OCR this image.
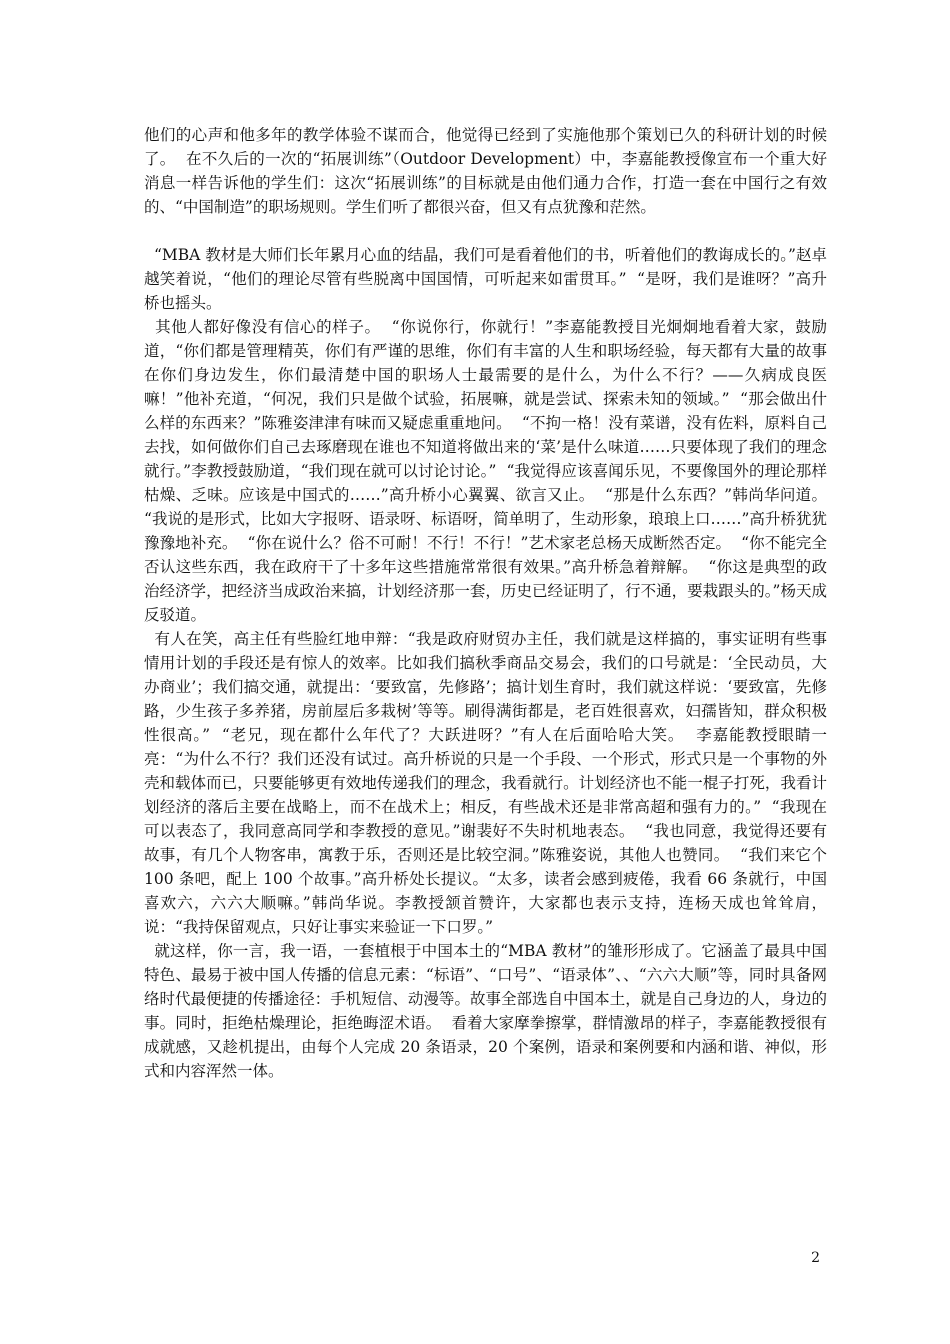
他们的心声和他多年的教学体验不谋而合，他觉得已经到了实施他那个策划已久的科研计划的时候了。  在不久后的一次的“拓展训练”（Outdoor Development）中，李嘉能教授像宣布一个重大好消息一样告诉他的学生们：这次“拓展训练”的目标就是由他们通力合作，打造一套在中国行之有效的、“中国制造”的职场规则。学生们听了都很兴奋，但又有点犹豫和茫然。

“MBA 教材是大师们长年累月心血的结晶，我们可是看着他们的书，听着他们的教诲成长的。”赵卓越笑着说，“他们的理论尽管有些脱离中国国情，可听起来如雷贯耳。”  “是呀，我们是谁呀？”高升桥也摇头。

其他人都好像没有信心的样子。  “你说你行，你就行！”李嘉能教授目光炯炯地看着大家，鼓励道，“你们都是管理精英，你们有严谨的思维，你们有丰富的人生和职场经验，每天都有大量的故事在你们身边发生，你们最清楚中国的职场人士最需要的是什么，为什么不行？——久病成良医嘛！”他补充道，“何况，我们只是做个试验，拓展嘛，就是尝试、探索未知的领域。”  “那会做出什么样的东西来？”陈雅姿津津有味而又疑虑重重地问。  “不拘一格！没有菜谱，没有佐料，原料自己去找，如何做你们自己去琢磨现在谁也不知道将做出来的‘菜’是什么味道……只要体现了我们的理念就行。”李教授鼓励道，“我们现在就可以讨论讨论。”  “我觉得应该喜闻乐见，不要像国外的理论那样枯燥、乏味。应该是中国式的……”高升桥小心翼翼、欲言又止。  “那是什么东西？”韩尚华问道。  “我说的是形式，比如大字报呀、语录呀、标语呀，简单明了，生动形象，琅琅上口……”高升桥犹犹豫豫地补充。  “你在说什么？俗不可耐！不行！不行！”艺术家老总杨天成断然否定。  “你不能完全否认这些东西，我在政府干了十多年这些措施常常很有效果。”高升桥急着辩解。  “你这是典型的政治经济学，把经济当成政治来搞，计划经济那一套，历史已经证明了，行不通，要栽跟头的。”杨天成反驳道。

有人在笑，高主任有些脸红地申辩：“我是政府财贸办主任，我们就是这样搞的，事实证明有些事情用计划的手段还是有惊人的效率。比如我们搞秋季商品交易会，我们的口号就是：‘全民动员，大办商业’；我们搞交通，就提出：‘要致富，先修路’；搞计划生育时，我们就这样说：‘要致富，先修路，少生孩子多养猪，房前屋后多栽树’等等。刷得满街都是，老百姓很喜欢，妇孺皆知，群众积极性很高。”  “老兄，现在都什么年代了？大跃进呀？”有人在后面哈哈大笑。  李嘉能教授眼睛一亮：“为什么不行？我们还没有试过。高升桥说的只是一个手段、一个形式，形式只是一个事物的外壳和载体而已，只要能够更有效地传递我们的理念，我看就行。计划经济也不能一棍子打死，我看计划经济的落后主要在战略上，而不在战术上；相反，有些战术还是非常高超和强有力的。”  “我现在可以表态了，我同意高同学和李教授的意见。”谢裴好不失时机地表态。  “我也同意，我觉得还要有故事，有几个人物客串，寓教于乐，否则还是比较空洞。”陈雅姿说，其他人也赞同。  “我们来它个 100 条吧，配上 100 个故事。”高升桥处长提议。“太多，读者会感到疲倦，我看 66 条就行，中国喜欢六，六六大顺嘛。”韩尚华说。李教授颔首赞许，大家都也表示支持，连杨天成也耸耸肩，说：“我持保留观点，只好让事实来验证一下口罗。”

就这样，你一言，我一语，一套植根于中国本土的“MBA 教材”的雏形形成了。它涵盖了最具中国特色、最易于被中国人传播的信息元素：“标语”、“口号”、“语录体”、、“六六大顺”等，同时具备网络时代最便捷的传播途径：手机短信、动漫等。故事全部选自中国本土，就是自己身边的人，身边的事。同时，拒绝枯燥理论，拒绝晦涩术语。  看着大家摩拳擦掌，群情激昂的样子，李嘉能教授很有成就感，又趁机提出，由每个人完成 20 条语录，20 个案例，语录和案例要和内涵和谐、神似，形式和内容浑然一体。

2
